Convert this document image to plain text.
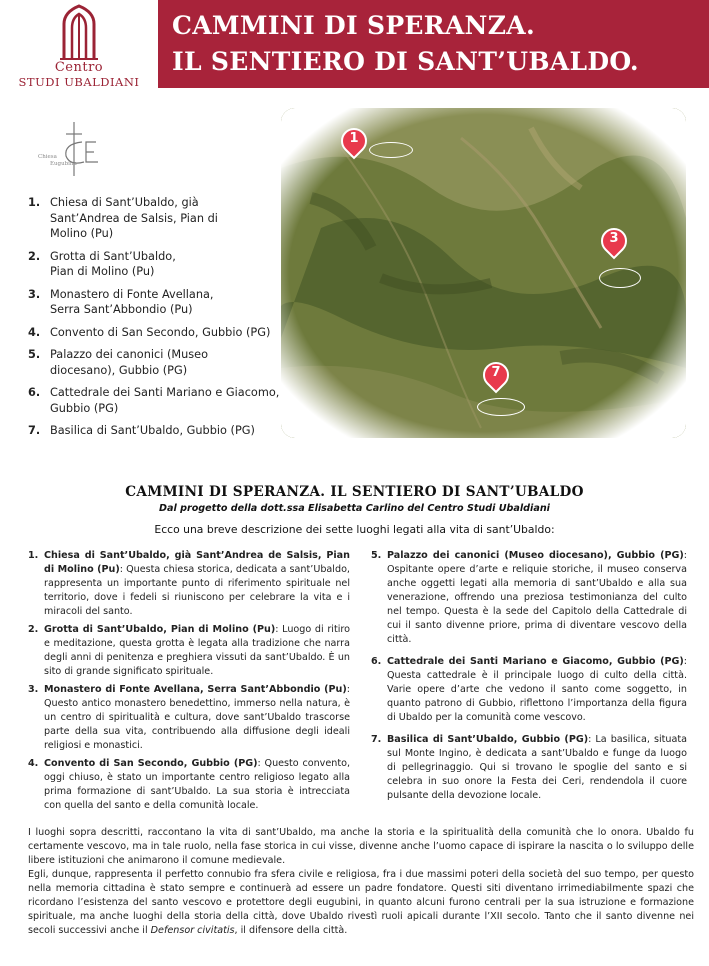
Centro
STUDI UBALDIANI
CAMMINI DI SPERANZA.
IL SENTIERO DI SANT’UBALDO.
Chiesa
Eugubina
1. Chiesa di Sant’Ubaldo, già Sant’Andrea de Salsis, Pian di Molino (Pu)
2. Grotta di Sant’Ubaldo, Pian di Molino (Pu)
3. Monastero di Fonte Avellana, Serra Sant’Abbondio (Pu)
4. Convento di San Secondo, Gubbio (PG)
5. Palazzo dei canonici (Museo diocesano), Gubbio (PG)
6. Cattedrale dei Santi Mariano e Giacomo, Gubbio (PG)
7. Basilica di Sant’Ubaldo, Gubbio (PG)
1
3
7
CAMMINI DI SPERANZA. IL SENTIERO DI SANT’UBALDO
Dal progetto della dott.ssa Elisabetta Carlino del Centro Studi Ubaldiani
Ecco una breve descrizione dei sette luoghi legati alla vita di sant’Ubaldo:
1. Chiesa di Sant’Ubaldo, già Sant’Andrea de Salsis, Pian di Molino (Pu): Questa chiesa storica, dedicata a sant’Ubaldo, rappresenta un importante punto di riferimento spirituale nel territorio, dove i fedeli si riuniscono per celebrare la vita e i miracoli del santo.
2. Grotta di Sant’Ubaldo, Pian di Molino (Pu): Luogo di ritiro e meditazione, questa grotta è legata alla tradizione che narra degli anni di penitenza e preghiera vissuti da sant’Ubaldo. È un sito di grande significato spirituale.
3. Monastero di Fonte Avellana, Serra Sant’Abbondio (Pu): Questo antico monastero benedettino, immerso nella natura, è un centro di spiritualità e cultura, dove sant’Ubaldo trascorse parte della sua vita, contribuendo alla diffusione degli ideali religiosi e monastici.
4. Convento di San Secondo, Gubbio (PG): Questo convento, oggi chiuso, è stato un importante centro religioso legato alla prima formazione di sant’Ubaldo. La sua storia è intrecciata con quella del santo e della comunità locale.
5. Palazzo dei canonici (Museo diocesano), Gubbio (PG): Ospitante opere d’arte e reliquie storiche, il museo conserva anche oggetti legati alla memoria di sant’Ubaldo e alla sua venerazione, offrendo una preziosa testimonianza del culto nel tempo. Questa è la sede del Capitolo della Cattedrale di cui il santo divenne priore, prima di diventare vescovo della città.
6. Cattedrale dei Santi Mariano e Giacomo, Gubbio (PG): Questa cattedrale è il principale luogo di culto della città. Varie opere d’arte che vedono il santo come soggetto, in quanto patrono di Gubbio, riflettono l’importanza della figura di Ubaldo per la comunità come vescovo.
7. Basilica di Sant’Ubaldo, Gubbio (PG): La basilica, situata sul Monte Ingino, è dedicata a sant’Ubaldo e funge da luogo di pellegrinaggio. Qui si trovano le spoglie del santo e si celebra in suo onore la Festa dei Ceri, rendendola il cuore pulsante della devozione locale.

I luoghi sopra descritti, raccontano la vita di sant’Ubaldo, ma anche la storia e la spiritualità della comunità che lo onora. Ubaldo fu certamente vescovo, ma in tale ruolo, nella fase storica in cui visse, divenne anche l’uomo capace di ispirare la nascita o lo sviluppo delle libere istituzioni che animarono il comune medievale.

Egli, dunque, rappresenta il perfetto connubio fra sfera civile e religiosa, fra i due massimi poteri della società del suo tempo, per questo nella memoria cittadina è stato sempre e continuerà ad essere un padre fondatore. Questi siti diventano irrimediabilmente spazi che ricordano l’esistenza del santo vescovo e protettore degli eugubini, in quanto alcuni furono centrali per la sua istruzione e formazione spirituale, ma anche luoghi della storia della città, dove Ubaldo rivestì ruoli apicali durante l’XII secolo. Tanto che il santo divenne nei secoli successivi anche il Defensor civitatis, il difensore della città.
